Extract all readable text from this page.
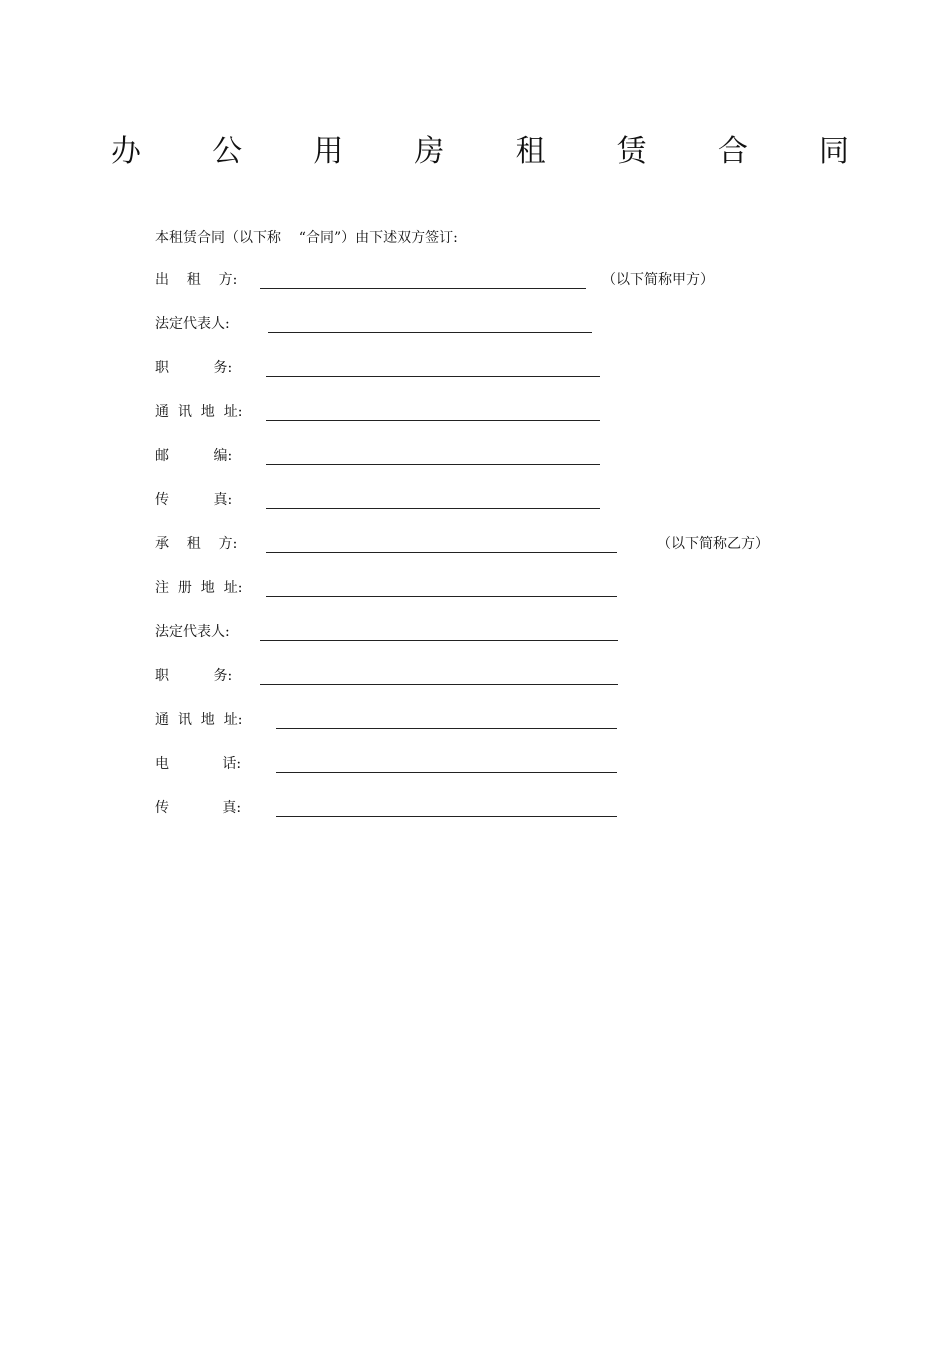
办 公 用 房 租 赁 合 同
本租赁合同（以下称    “合同”）由下述双方签订:
出    租    方:	（以下简称甲方）
法定代表人:
职          务:
通  讯  地  址:
邮          编:
传          真:
承    租    方:	（以下简称乙方）
注  册  地  址:
法定代表人:
职          务:
通  讯  地  址:
电            话:
传            真:
